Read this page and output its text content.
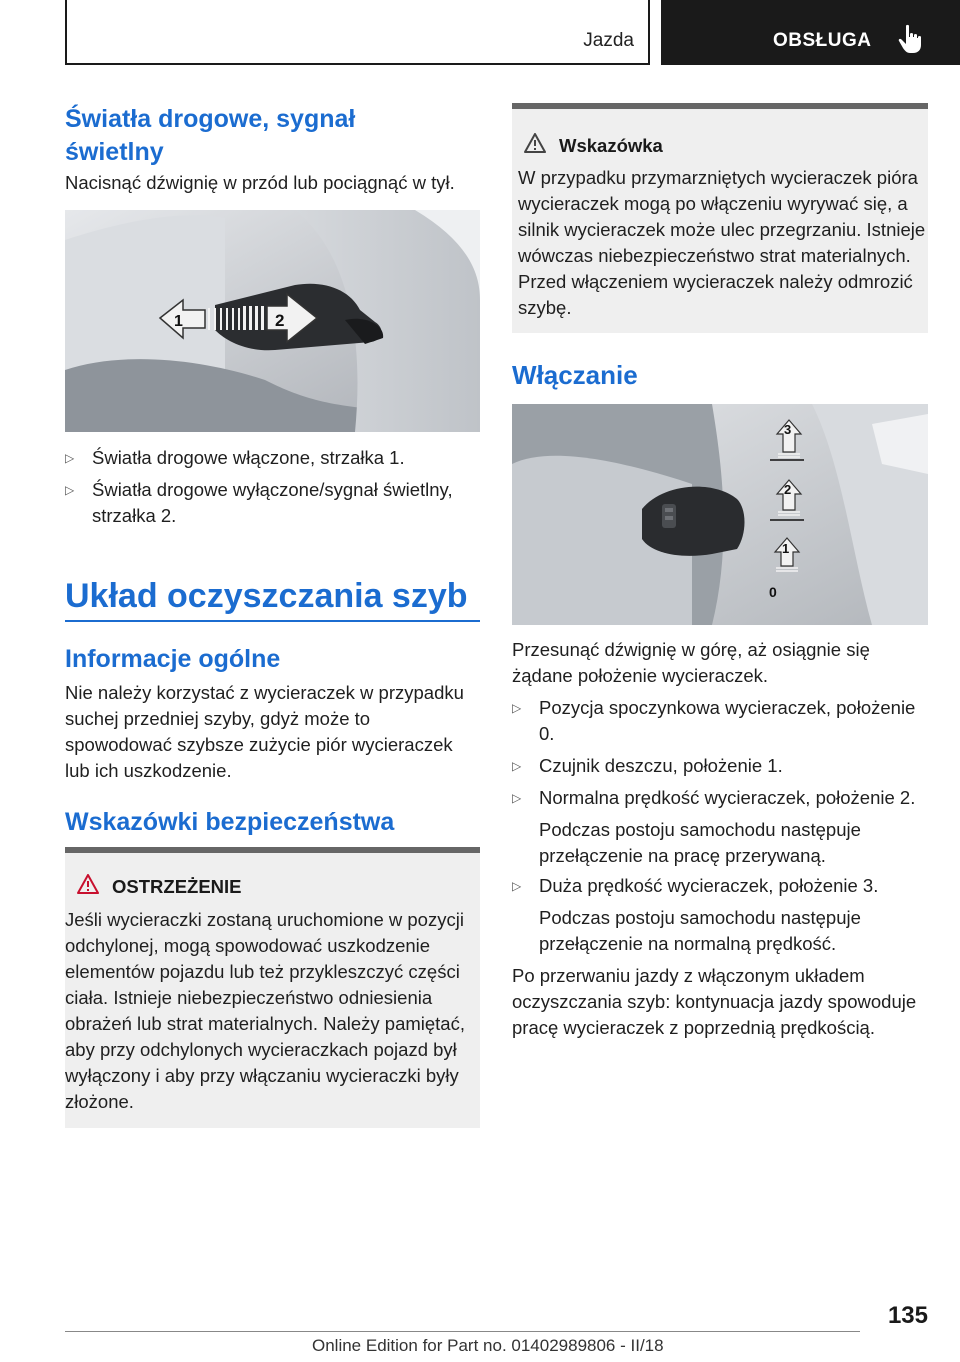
Jazda	OBSŁUGA
Światła drogowe, sygnał świetlny
Nacisnąć dźwignię w przód lub pociągnąć w tył.
1	2
▷ Światła drogowe włączone, strzałka 1.
▷ Światła drogowe wyłączone/sygnał świetlny, strzałka 2.
Układ oczyszczania szyb
Informacje ogólne
Nie należy korzystać z wycieraczek w przypadku suchej przedniej szyby, gdyż może to spowodować szybsze zużycie piór wycieraczek lub ich uszkodzenie.
Wskazówki bezpieczeństwa
OSTRZEŻENIE
Jeśli wycieraczki zostaną uruchomione w pozycji odchylonej, mogą spowodować uszkodzenie elementów pojazdu lub też przykleszczyć części ciała. Istnieje niebezpieczeństwo odniesienia obrażeń lub strat materialnych. Należy pamiętać, aby przy odchylonych wycieraczkach pojazd był wyłączony i aby przy włączaniu wycieraczki były złożone.
Wskazówka
W przypadku przymarzniętych wycieraczek pióra wycieraczek mogą po włączeniu wyrywać się, a silnik wycieraczek może ulec przegrzaniu. Istnieje wówczas niebezpieczeństwo strat materialnych. Przed włączeniem wycieraczek należy odmrozić szybę.
Włączanie
3
2
1
0
Przesunąć dźwignię w górę, aż osiągnie się żądane położenie wycieraczek.
▷ Pozycja spoczynkowa wycieraczek, położenie 0.
▷ Czujnik deszczu, położenie 1.
▷ Normalna prędkość wycieraczek, położenie 2.
Podczas postoju samochodu następuje przełączenie na pracę przerywaną.
▷ Duża prędkość wycieraczek, położenie 3.
Podczas postoju samochodu następuje przełączenie na normalną prędkość.
Po przerwaniu jazdy z włączonym układem oczyszczania szyb: kontynuacja jazdy spowoduje pracę wycieraczek z poprzednią prędkością.
135
Online Edition for Part no. 01402989806 - II/18
